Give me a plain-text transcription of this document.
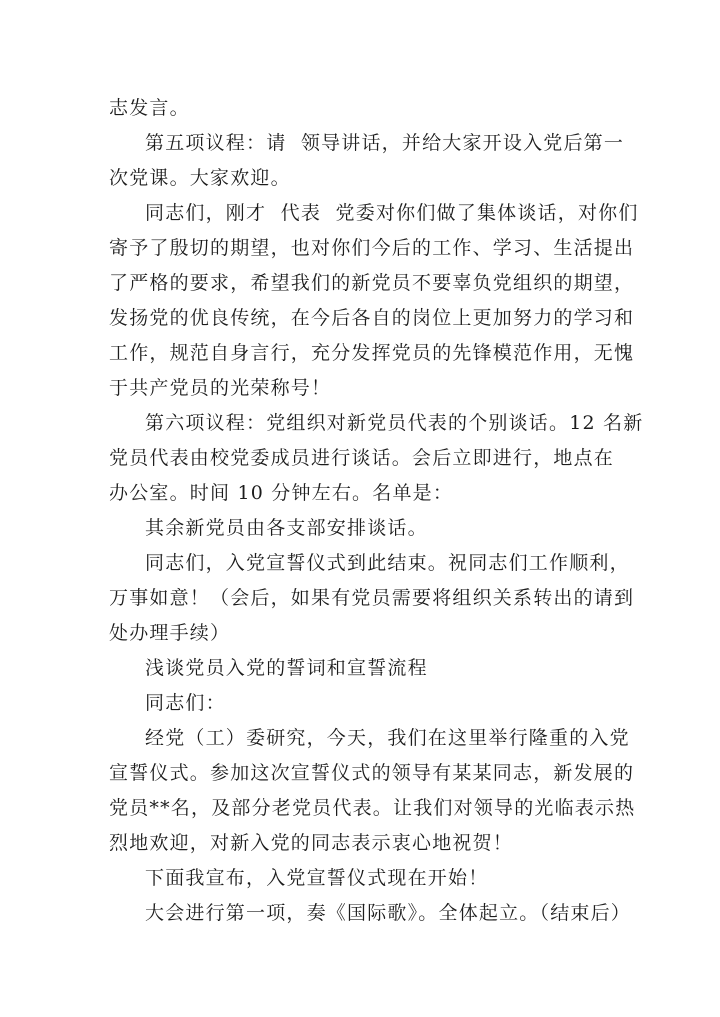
志发言。
第五项议程：请  领导讲话，并给大家开设入党后第一
次党课。大家欢迎。
同志们，刚才  代表  党委对你们做了集体谈话，对你们
寄予了殷切的期望，也对你们今后的工作、学习、生活提出
了严格的要求，希望我们的新党员不要辜负党组织的期望，
发扬党的优良传统，在今后各自的岗位上更加努力的学习和
工作，规范自身言行，充分发挥党员的先锋模范作用，无愧
于共产党员的光荣称号！
第六项议程：党组织对新党员代表的个别谈话。12 名新
党员代表由校党委成员进行谈话。会后立即进行，地点在
办公室。时间 10 分钟左右。名单是：
其余新党员由各支部安排谈话。
同志们，入党宣誓仪式到此结束。祝同志们工作顺利，
万事如意！（会后，如果有党员需要将组织关系转出的请到
处办理手续）
浅谈党员入党的誓词和宣誓流程
同志们：
经党（工）委研究，今天，我们在这里举行隆重的入党
宣誓仪式。参加这次宣誓仪式的领导有某某同志，新发展的
党员**名，及部分老党员代表。让我们对领导的光临表示热
烈地欢迎，对新入党的同志表示衷心地祝贺！
下面我宣布，入党宣誓仪式现在开始！
大会进行第一项，奏《国际歌》。全体起立。（结束后）
